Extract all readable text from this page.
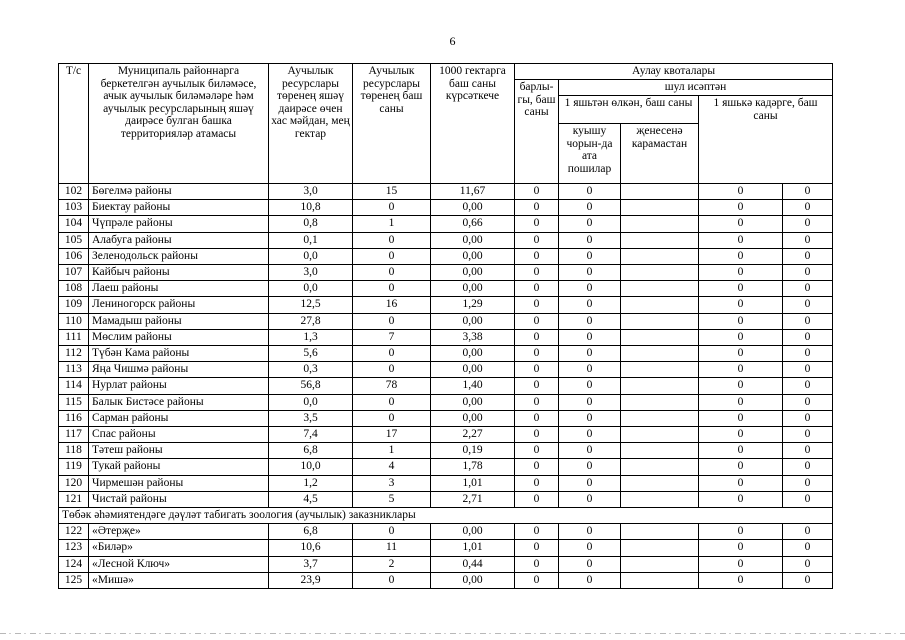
6
Т/с	Муниципаль районнарга беркетелгән аучылык биләмәсе, ачык аучылык биләмәләре һәм аучылык ресурсларының яшәү даирәсе булган башка территорияләр атамасы	Аучылык ресурслары төренең яшәү даирәсе өчен хас мәйдан, мең гектар	Аучылык ресурслары төренең баш саны	1000 гектарга баш саны күрсәткече	Аулау квоталары				
					барлы-гы, баш саны	шул исәптән			
						1 яшьтән өлкән, баш саны		1 яшькә кадәрге, баш саны	
						куышу чорын-да ата пошилар	җенесенә карамастан		
102	Бөгелмә районы	3,0	15	11,67	0	0		0	0
103	Биектау районы	10,8	0	0,00	0	0		0	0
104	Чүпрәле районы	0,8	1	0,66	0	0		0	0
105	Алабуга районы	0,1	0	0,00	0	0		0	0
106	Зеленодольск районы	0,0	0	0,00	0	0		0	0
107	Кайбыч районы	3,0	0	0,00	0	0		0	0
108	Лаеш районы	0,0	0	0,00	0	0		0	0
109	Лениногорск районы	12,5	16	1,29	0	0		0	0
110	Мамадыш районы	27,8	0	0,00	0	0		0	0
111	Мөслим районы	1,3	7	3,38	0	0		0	0
112	Түбән Кама районы	5,6	0	0,00	0	0		0	0
113	Яңа Чишмә районы	0,3	0	0,00	0	0		0	0
114	Нурлат районы	56,8	78	1,40	0	0		0	0
115	Балык Бистәсе районы	0,0	0	0,00	0	0		0	0
116	Сарман районы	3,5	0	0,00	0	0		0	0
117	Спас районы	7,4	17	2,27	0	0		0	0
118	Тәтеш районы	6,8	1	0,19	0	0		0	0
119	Тукай районы	10,0	4	1,78	0	0		0	0
120	Чирмешән районы	1,2	3	1,01	0	0		0	0
121	Чистай районы	4,5	5	2,71	0	0		0	0
Төбәк әһәмиятендәге дәүләт табигать зоология (аучылык) заказниклары									
122	«Әтерҗе»	6,8	0	0,00	0	0		0	0
123	«Биләр»	10,6	11	1,01	0	0		0	0
124	«Лесной Ключ»	3,7	2	0,44	0	0		0	0
125	«Мишә»	23,9	0	0,00	0	0		0	0
